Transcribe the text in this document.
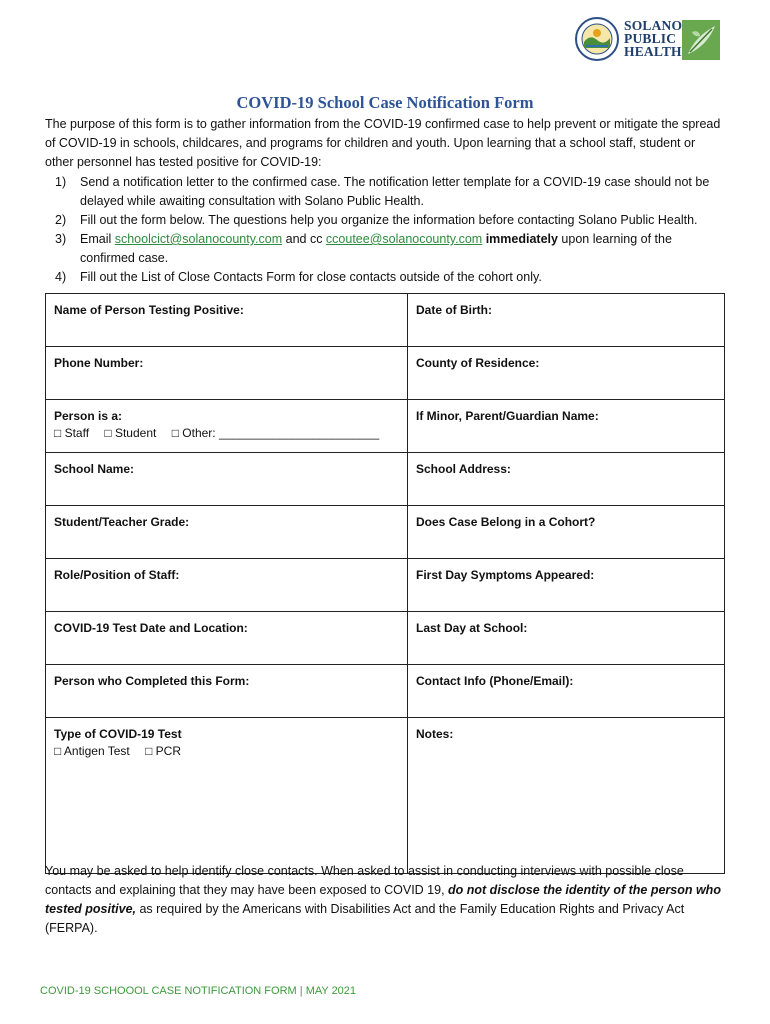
SOLANO
PUBLIC
HEALTH
COVID-19 School Case Notification Form
The purpose of this form is to gather information from the COVID-19 confirmed case to help prevent or mitigate the spread of COVID-19 in schools, childcares, and programs for children and youth. Upon learning that a school staff, student or other personnel has tested positive for COVID-19:
1) Send a notification letter to the confirmed case. The notification letter template for a COVID-19 case should not be delayed while awaiting consultation with Solano Public Health.
2) Fill out the form below. The questions help you organize the information before contacting Solano Public Health.
3) Email schoolcict@solanocounty.com and cc ccoutee@solanocounty.com immediately upon learning of the confirmed case.
4) Fill out the List of Close Contacts Form for close contacts outside of the cohort only.
Name of Person Testing Positive:	Date of Birth:

Phone Number:	County of Residence:

Person is a:
□ Staff □ Student □ Other: ________________________	If Minor, Parent/Guardian Name:

School Name:	School Address:

Student/Teacher Grade:	Does Case Belong in a Cohort?

Role/Position of Staff:	First Day Symptoms Appeared:

COVID-19 Test Date and Location:	Last Day at School:

Person who Completed this Form:	Contact Info (Phone/Email):

Type of COVID-19 Test
□ Antigen Test □ PCR	Notes:
You may be asked to help identify close contacts. When asked to assist in conducting interviews with possible close contacts and explaining that they may have been exposed to COVID 19, do not disclose the identity of the person who tested positive, as required by the Americans with Disabilities Act and the Family Education Rights and Privacy Act (FERPA).
COVID-19 SCHOOOL CASE NOTIFICATION FORM | MAY 2021
